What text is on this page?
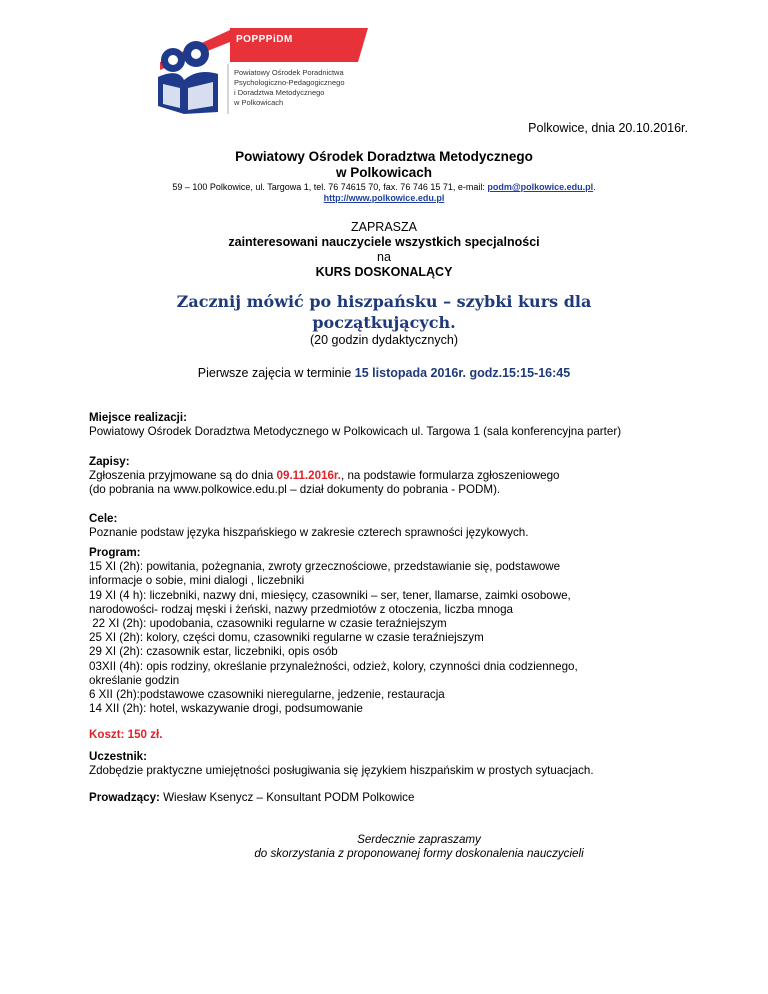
POPPPiDM
Powiatowy Ośrodek Poradnictwa
Psychologiczno-Pedagogicznego
i Doradztwa Metodycznego
w Polkowicach
Polkowice, dnia 20.10.2016r.
Powiatowy Ośrodek Doradztwa Metodycznego
w Polkowicach
59 – 100 Polkowice, ul. Targowa 1, tel. 76 74615 70, fax. 76 746 15 71, e-mail: podm@polkowice.edu.pl.
http://www.polkowice.edu.pl
ZAPRASZA
zainteresowani nauczyciele wszystkich specjalności
na
KURS DOSKONALĄCY
Zacznij mówić po hiszpańsku – szybki kurs dla
początkujących.
(20 godzin dydaktycznych)
Pierwsze zajęcia w terminie 15 listopada 2016r. godz.15:15-16:45
Miejsce realizacji:
Powiatowy Ośrodek Doradztwa Metodycznego w Polkowicach ul. Targowa 1 (sala konferencyjna parter)
Zapisy:
Zgłoszenia przyjmowane są do dnia 09.11.2016r., na podstawie formularza zgłoszeniowego
(do pobrania na www.polkowice.edu.pl – dział dokumenty do pobrania - PODM).
Cele:
Poznanie podstaw języka hiszpańskiego w zakresie czterech sprawności językowych.
Program:
15 XI (2h): powitania, pożegnania, zwroty grzecznościowe, przedstawianie się, podstawowe
informacje o sobie, mini dialogi , liczebniki
19 XI (4 h): liczebniki, nazwy dni, miesięcy, czasowniki – ser, tener, llamarse, zaimki osobowe,
narodowości- rodzaj męski i żeński, nazwy przedmiotów z otoczenia, liczba mnoga
22 XI (2h): upodobania, czasowniki regularne w czasie teraźniejszym
25 XI (2h): kolory, części domu, czasowniki regularne w czasie teraźniejszym
29 XI (2h): czasownik estar, liczebniki, opis osób
03XII (4h): opis rodziny, określanie przynależności, odzież, kolory, czynności dnia codziennego,
określanie godzin
6 XII (2h):podstawowe czasowniki nieregularne, jedzenie, restauracja
14 XII (2h): hotel, wskazywanie drogi, podsumowanie
Koszt: 150 zł.
Uczestnik:
Zdobędzie praktyczne umiejętności posługiwania się językiem hiszpańskim w prostych sytuacjach.
Prowadzący: Wiesław Ksenycz – Konsultant PODM Polkowice
Serdecznie zapraszamy
do skorzystania z proponowanej formy doskonalenia nauczycieli
